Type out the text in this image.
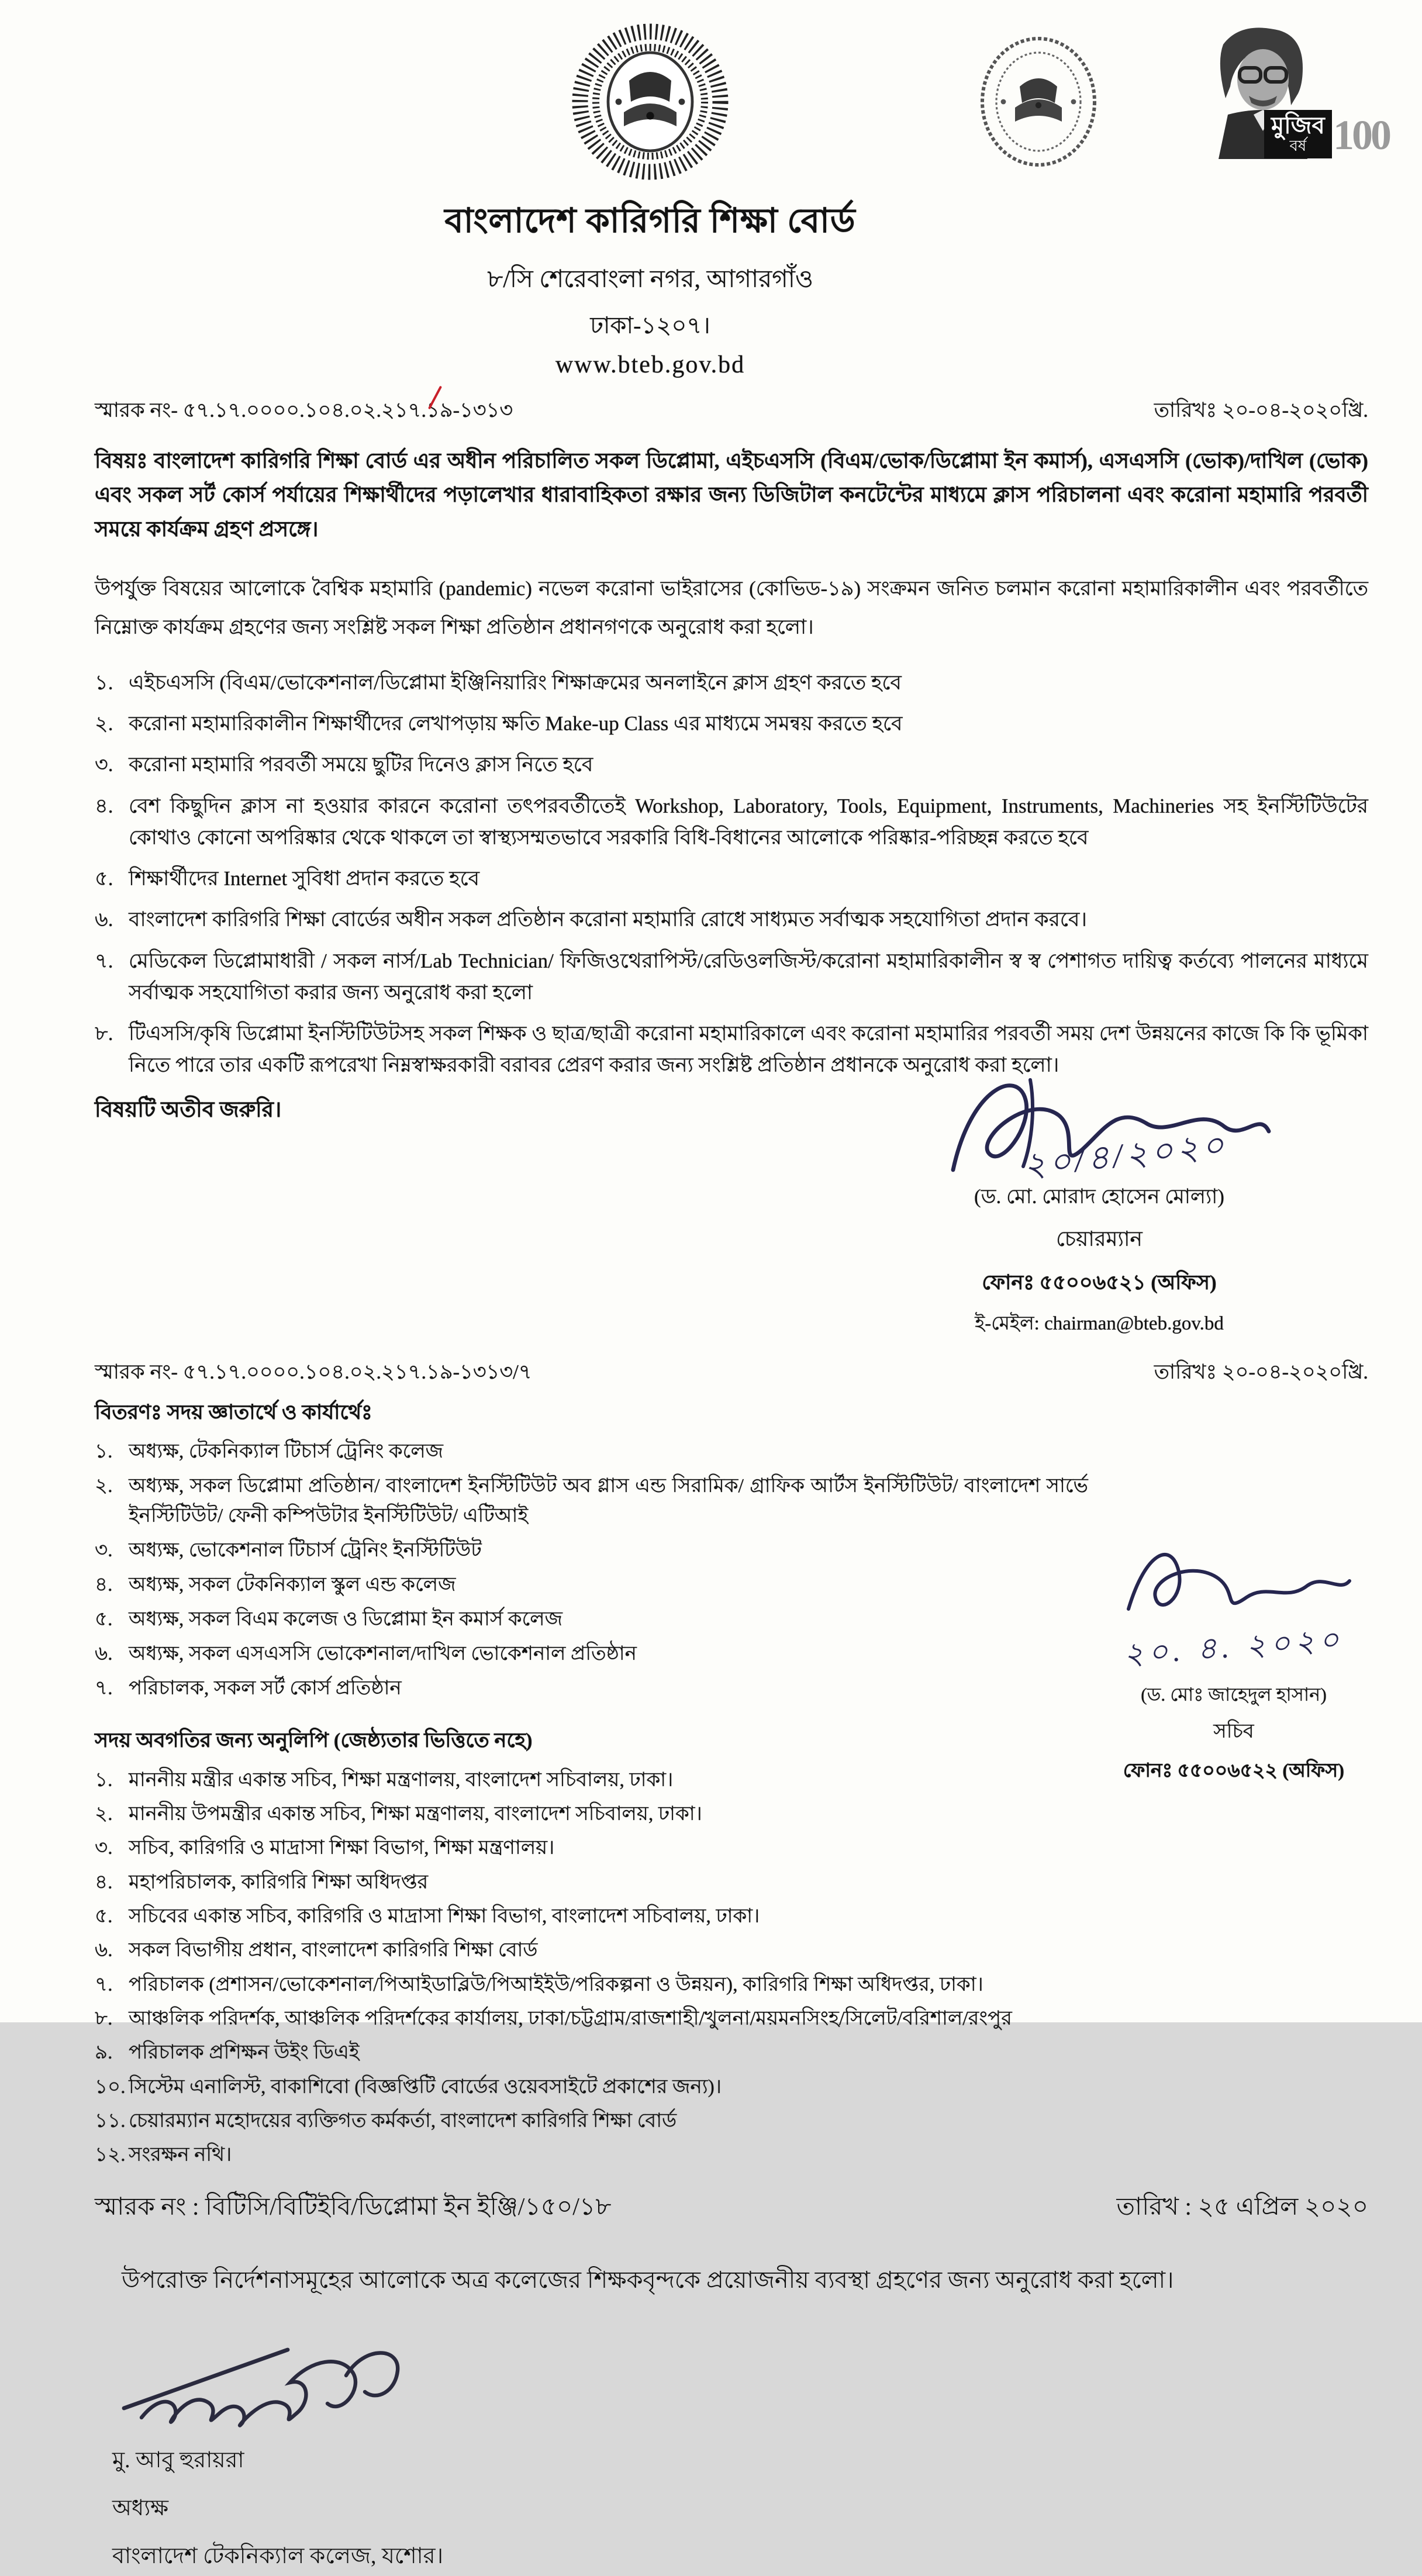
100
মুজিব
বর্ষ
বাংলাদেশ কারিগরি শিক্ষা বোর্ড
৮/সি শেরেবাংলা নগর, আগারগাঁও
ঢাকা-১২০৭।
www.bteb.gov.bd
স্মারক নং- ৫৭.১৭.০০০০.১০৪.০২.২১৭.১৯-১৩১৩	তারিখঃ ২০-০৪-২০২০খ্রি.
বিষয়ঃ বাংলাদেশ কারিগরি শিক্ষা বোর্ড এর অধীন পরিচালিত সকল ডিপ্লোমা, এইচএসসি (বিএম/ভোক/ডিপ্লোমা ইন কমার্স), এসএসসি (ভোক)/দাখিল (ভোক) এবং সকল সর্ট কোর্স পর্যায়ের শিক্ষার্থীদের পড়ালেখার ধারাবাহিকতা রক্ষার জন্য ডিজিটাল কনটেন্টের মাধ্যমে ক্লাস পরিচালনা এবং করোনা মহামারি পরবর্তী সময়ে কার্যক্রম গ্রহণ প্রসঙ্গে।
উপর্যুক্ত বিষয়ের আলোকে বৈশ্বিক মহামারি (pandemic) নভেল করোনা ভাইরাসের (কোভিড-১৯) সংক্রমন জনিত চলমান করোনা মহামারিকালীন এবং পরবর্তীতে নিম্নোক্ত কার্যক্রম গ্রহণের জন্য সংশ্লিষ্ট সকল শিক্ষা প্রতিষ্ঠান প্রধানগণকে অনুরোধ করা হলো।
১. এইচএসসি (বিএম/ভোকেশনাল/ডিপ্লোমা ইঞ্জিনিয়ারিং শিক্ষাক্রমের অনলাইনে ক্লাস গ্রহণ করতে হবে
২. করোনা মহামারিকালীন শিক্ষার্থীদের লেখাপড়ায় ক্ষতি Make-up Class এর মাধ্যমে সমন্বয় করতে হবে
৩. করোনা মহামারি পরবর্তী সময়ে ছুটির দিনেও ক্লাস নিতে হবে
৪. বেশ কিছুদিন ক্লাস না হওয়ার কারনে করোনা তৎপরবর্তীতেই Workshop, Laboratory, Tools, Equipment, Instruments, Machineries সহ ইনস্টিটিউটের কোথাও কোনো অপরিষ্কার থেকে থাকলে তা স্বাস্থ্যসম্মতভাবে সরকারি বিধি-বিধানের আলোকে পরিষ্কার-পরিচ্ছন্ন করতে হবে
৫. শিক্ষার্থীদের Internet সুবিধা প্রদান করতে হবে
৬. বাংলাদেশ কারিগরি শিক্ষা বোর্ডের অধীন সকল প্রতিষ্ঠান করোনা মহামারি রোধে সাধ্যমত সর্বাত্মক সহযোগিতা প্রদান করবে।
৭. মেডিকেল ডিপ্লোমাধারী / সকল নার্স/Lab Technician/ ফিজিওথেরাপিস্ট/রেডিওলজিস্ট/করোনা মহামারিকালীন স্ব স্ব পেশাগত দায়িত্ব কর্তব্যে পালনের মাধ্যমে সর্বাত্মক সহযোগিতা করার জন্য অনুরোধ করা হলো
৮. টিএসসি/কৃষি ডিপ্লোমা ইনস্টিটিউটসহ সকল শিক্ষক ও ছাত্র/ছাত্রী করোনা মহামারিকালে এবং করোনা মহামারির পরবর্তী সময় দেশ উন্নয়নের কাজে কি কি ভূমিকা নিতে পারে তার একটি রূপরেখা নিম্নস্বাক্ষরকারী বরাবর প্রেরণ করার জন্য সংশ্লিষ্ট প্রতিষ্ঠান প্রধানকে অনুরোধ করা হলো।
বিষয়টি অতীব জরুরি।
২০/৪/২০২০
(ড. মো. মোরাদ হোসেন মোল্যা)
চেয়ারম্যান
ফোনঃ ৫৫০০৬৫২১ (অফিস)
ই-মেইল: chairman@bteb.gov.bd
স্মারক নং- ৫৭.১৭.০০০০.১০৪.০২.২১৭.১৯-১৩১৩/৭	তারিখঃ ২০-০৪-২০২০খ্রি.
বিতরণঃ সদয় জ্ঞাতার্থে ও কার্যার্থেঃ
১. অধ্যক্ষ, টেকনিক্যাল টিচার্স ট্রেনিং কলেজ
২. অধ্যক্ষ, সকল ডিপ্লোমা প্রতিষ্ঠান/ বাংলাদেশ ইনস্টিটিউট অব গ্লাস এন্ড সিরামিক/ গ্রাফিক আর্টস ইনস্টিটিউট/ বাংলাদেশ সার্ভে ইনস্টিটিউট/ ফেনী কম্পিউটার ইনস্টিটিউট/ এটিআই
৩. অধ্যক্ষ, ভোকেশনাল টিচার্স ট্রেনিং ইনস্টিটিউট
৪. অধ্যক্ষ, সকল টেকনিক্যাল স্কুল এন্ড কলেজ
৫. অধ্যক্ষ, সকল বিএম কলেজ ও ডিপ্লোমা ইন কমার্স কলেজ
৬. অধ্যক্ষ, সকল এসএসসি ভোকেশনাল/দাখিল ভোকেশনাল প্রতিষ্ঠান
৭. পরিচালক, সকল সর্ট কোর্স প্রতিষ্ঠান
সদয় অবগতির জন্য অনুলিপি (জেষ্ঠ্যতার ভিত্তিতে নহে)
১. মাননীয় মন্ত্রীর একান্ত সচিব, শিক্ষা মন্ত্রণালয়, বাংলাদেশ সচিবালয়, ঢাকা।
২. মাননীয় উপমন্ত্রীর একান্ত সচিব, শিক্ষা মন্ত্রণালয়, বাংলাদেশ সচিবালয়, ঢাকা।
৩. সচিব, কারিগরি ও মাদ্রাসা শিক্ষা বিভাগ, শিক্ষা মন্ত্রণালয়।
৪. মহাপরিচালক, কারিগরি শিক্ষা অধিদপ্তর
৫. সচিবের একান্ত সচিব, কারিগরি ও মাদ্রাসা শিক্ষা বিভাগ, বাংলাদেশ সচিবালয়, ঢাকা।
৬. সকল বিভাগীয় প্রধান, বাংলাদেশ কারিগরি শিক্ষা বোর্ড
৭. পরিচালক (প্রশাসন/ভোকেশনাল/পিআইডাব্লিউ/পিআইইউ/পরিকল্পনা ও উন্নয়ন), কারিগরি শিক্ষা অধিদপ্তর, ঢাকা।
৮. আঞ্চলিক পরিদর্শক, আঞ্চলিক পরিদর্শকের কার্যালয়, ঢাকা/চট্টগ্রাম/রাজশাহী/খুলনা/ময়মনসিংহ/সিলেট/বরিশাল/রংপুর
৯. পরিচালক প্রশিক্ষন উইং ডিএই
১০. সিস্টেম এনালিস্ট, বাকাশিবো (বিজ্ঞপ্তিটি বোর্ডের ওয়েবসাইটে প্রকাশের জন্য)।
১১. চেয়ারম্যান মহোদয়ের ব্যক্তিগত কর্মকর্তা, বাংলাদেশ কারিগরি শিক্ষা বোর্ড
১২. সংরক্ষন নথি।
স্মারক নং : বিটিসি/বিটিইবি/ডিপ্লোমা ইন ইঞ্জি/১৫০/১৮	তারিখ : ২৫ এপ্রিল ২০২০
উপরোক্ত নির্দেশনাসমূহের আলোকে অত্র কলেজের শিক্ষকবৃন্দকে প্রয়োজনীয় ব্যবস্থা গ্রহণের জন্য অনুরোধ করা হলো।
মু. আবু হুরায়রা
অধ্যক্ষ
বাংলাদেশ টেকনিক্যাল কলেজ, যশোর।
২০. ৪. ২০২০
(ড. মোঃ জাহেদুল হাসান)
সচিব
ফোনঃ ৫৫০০৬৫২২ (অফিস)
